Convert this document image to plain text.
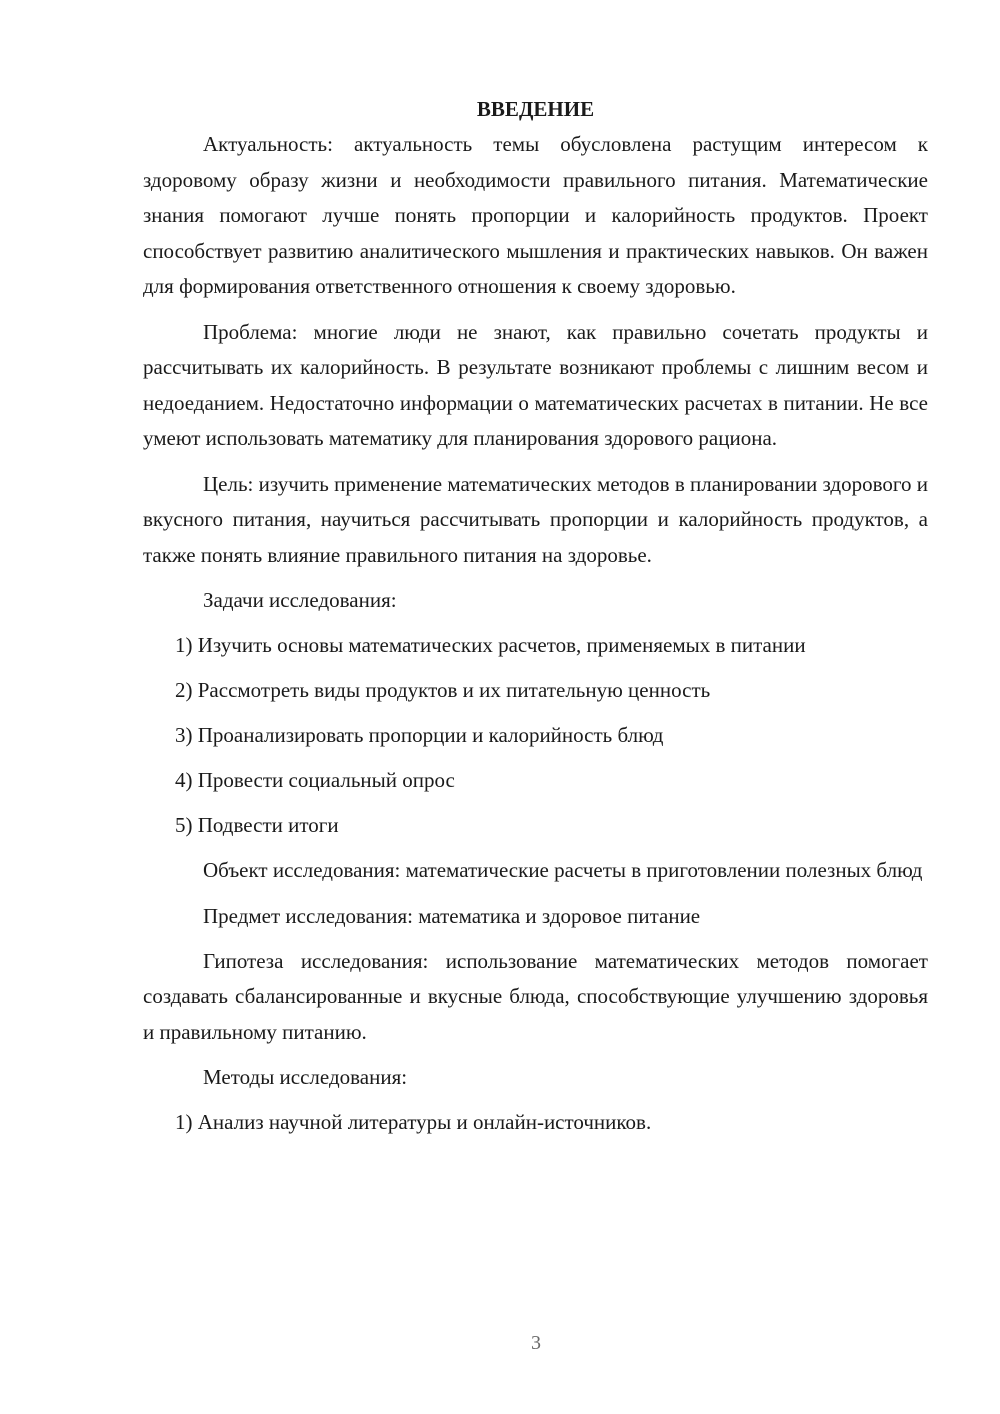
ВВЕДЕНИЕ

Актуальность: актуальность темы обусловлена растущим интересом к здоровому образу жизни и необходимости правильного питания. Математические знания помогают лучше понять пропорции и калорийность продуктов. Проект способствует развитию аналитического мышления и практических навыков. Он важен для формирования ответственного отношения к своему здоровью.

Проблема: многие люди не знают, как правильно сочетать продукты и рассчитывать их калорийность. В результате возникают проблемы с лишним весом и недоеданием. Недостаточно информации о математических расчетах в питании. Не все умеют использовать математику для планирования здорового рациона.

Цель: изучить применение математических методов в планировании здорового и вкусного питания, научиться рассчитывать пропорции и калорийность продуктов, а также понять влияние правильного питания на здоровье.

Задачи исследования:
1) Изучить основы математических расчетов, применяемых в питании
2) Рассмотреть виды продуктов и их питательную ценность
3) Проанализировать пропорции и калорийность блюд
4) Провести социальный опрос
5) Подвести итоги

Объект исследования: математические расчеты в приготовлении полезных блюд

Предмет исследования: математика и здоровое питание

Гипотеза исследования: использование математических методов помогает создавать сбалансированные и вкусные блюда, способствующие улучшению здоровья и правильному питанию.

Методы исследования:
1) Анализ научной литературы и онлайн-источников.
3
